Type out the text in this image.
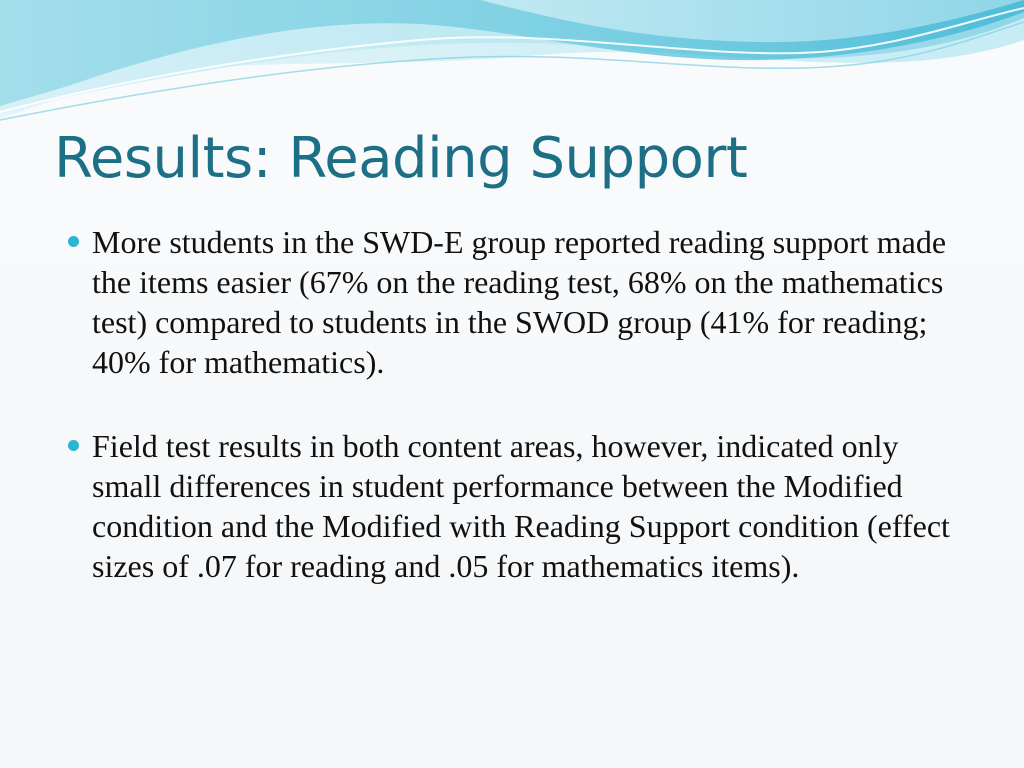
Results: Reading Support
More students in the SWD-E group reported reading support made the items easier (67% on the reading test, 68% on the mathematics test) compared to students in the SWOD group (41% for reading; 40% for mathematics).
Field test results in both content areas, however, indicated only small differences in student performance between the Modified condition and the Modified with Reading Support condition (effect sizes of .07 for reading and .05 for mathematics items).
